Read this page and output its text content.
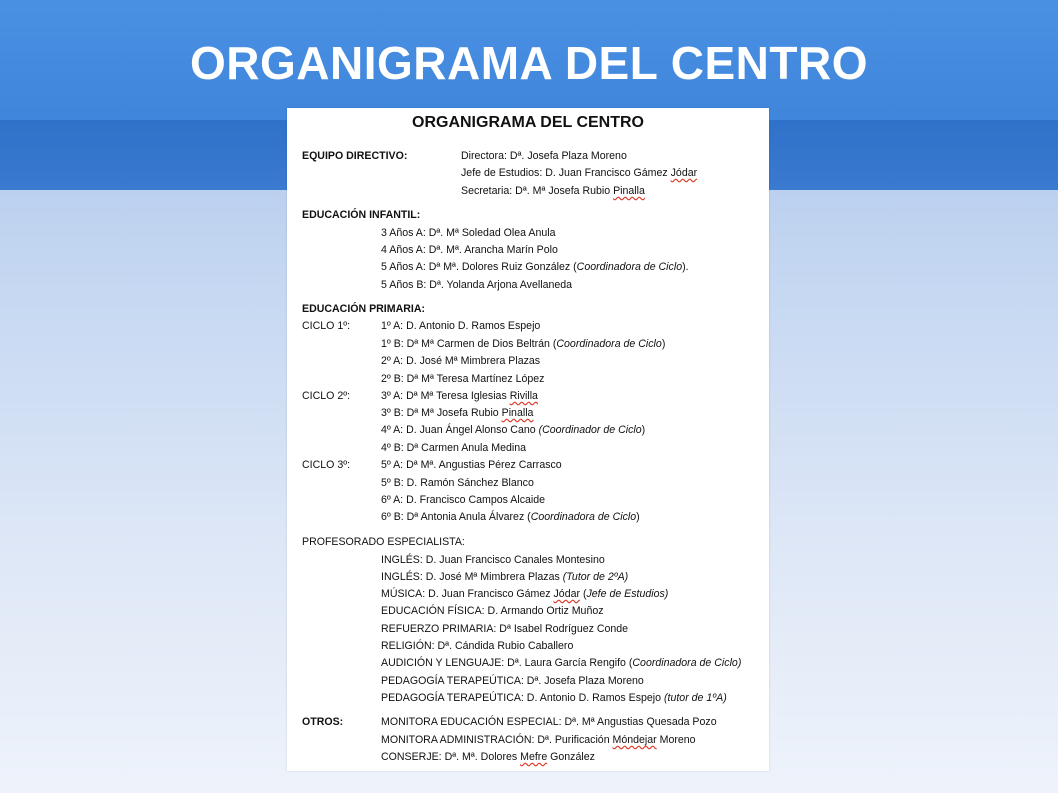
ORGANIGRAMA DEL CENTRO
ORGANIGRAMA DEL CENTRO
EQUIPO DIRECTIVO:	Directora: Dª. Josefa Plaza Moreno
Jefe de Estudios: D. Juan Francisco Gámez Jódar
Secretaria: Dª. Mª Josefa Rubio Pinalla
EDUCACIÓN INFANTIL:
3 Años A: Dª. Mª Soledad Olea Anula
4 Años A: Dª. Mª. Arancha Marín Polo
5 Años A: Dª Mª. Dolores Ruiz González (Coordinadora de Ciclo).
5 Años B: Dª. Yolanda Arjona Avellaneda
EDUCACIÓN PRIMARIA:
CICLO 1º:	1º A: D. Antonio D. Ramos Espejo
1º B: Dª Mª Carmen de Dios Beltrán (Coordinadora de Ciclo)
2º A: D. José Mª Mimbrera Plazas
2º B: Dª Mª Teresa Martínez López
CICLO 2º:	3º A: Dª Mª Teresa Iglesias Rivilla
3º B: Dª Mª Josefa Rubio Pinalla
4º A: D. Juan Ángel Alonso Cano (Coordinador de Ciclo)
4º B: Dª Carmen Anula Medina
CICLO 3º:	5º A: Dª Mª. Angustias Pérez Carrasco
5º B: D. Ramón Sánchez Blanco
6º A: D. Francisco Campos Alcaide
6º B: Dª Antonia Anula Álvarez (Coordinadora de Ciclo)
PROFESORADO ESPECIALISTA:
INGLÉS: D. Juan Francisco Canales Montesino
INGLÉS: D. José Mª Mimbrera Plazas (Tutor de 2ºA)
MÚSICA: D. Juan Francisco Gámez Jódar (Jefe de Estudios)
EDUCACIÓN FÍSICA: D. Armando Ortiz Muñoz
REFUERZO PRIMARIA: Dª Isabel Rodríguez Conde
RELIGIÓN: Dª. Cándida Rubio Caballero
AUDICIÓN Y LENGUAJE: Dª. Laura García Rengifo (Coordinadora de Ciclo)
PEDAGOGÍA TERAPEÚTICA: Dª. Josefa Plaza Moreno
PEDAGOGÍA TERAPEÚTICA: D. Antonio D. Ramos Espejo (tutor de 1ºA)
OTROS:	MONITORA EDUCACIÓN ESPECIAL: Dª. Mª Angustias Quesada Pozo
MONITORA ADMINISTRACIÓN: Dª. Purificación Móndejar Moreno
CONSERJE: Dª. Mª. Dolores Mefre González
